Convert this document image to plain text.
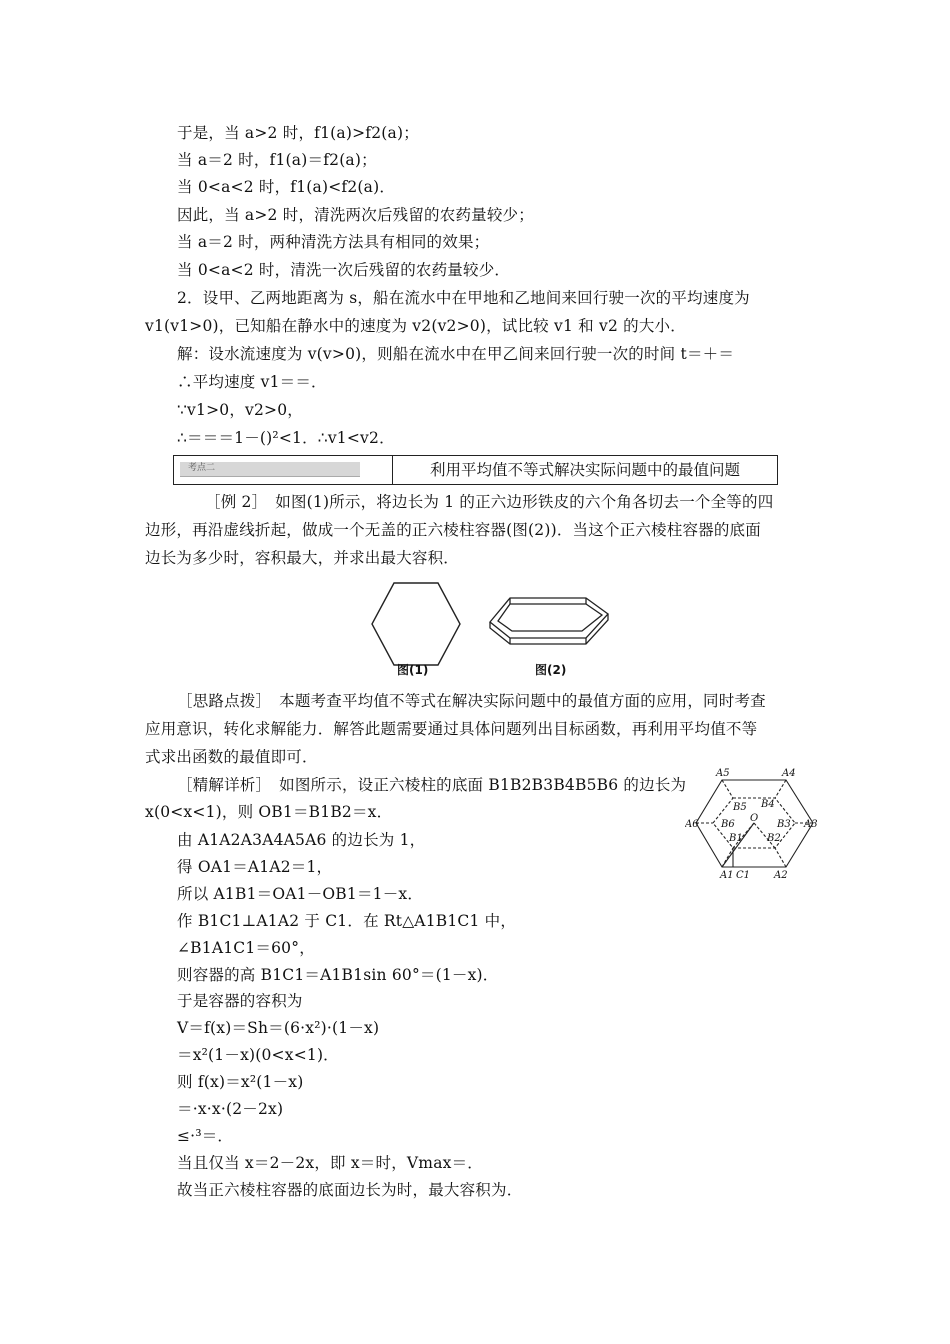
于是，当 a>2 时，f1(a)>f2(a)；
当 a＝2 时，f1(a)＝f2(a)；
当 0<a<2 时，f1(a)<f2(a)．
因此，当 a>2 时，清洗两次后残留的农药量较少；
当 a＝2 时，两种清洗方法具有相同的效果；
当 0<a<2 时，清洗一次后残留的农药量较少．
2．设甲、乙两地距离为 s，船在流水中在甲地和乙地间来回行驶一次的平均速度为
v1(v1>0)，已知船在静水中的速度为 v2(v2>0)，试比较 v1 和 v2 的大小．
解：设水流速度为 v(v>0)，则船在流水中在甲乙间来回行驶一次的时间 t＝＋＝
∴平均速度 v1＝＝．
∵v1>0，v2>0，
∴＝＝＝1－()²<1．∴v1<v2．
考点二	利用平均值不等式解决实际问题中的最值问题
［例 2］　如图(1)所示，将边长为 1 的正六边形铁皮的六个角各切去一个全等的四
边形，再沿虚线折起，做成一个无盖的正六棱柱容器(图(2))．当这个正六棱柱容器的底面
边长为多少时，容积最大，并求出最大容积．
图(1)	图(2)
［思路点拨］　本题考查平均值不等式在解决实际问题中的最值方面的应用，同时考查
应用意识，转化求解能力．解答此题需要通过具体问题列出目标函数，再利用平均值不等
式求出函数的最值即可．
［精解详析］　如图所示，设正六棱柱的底面 B1B2B3B4B5B6 的边长为
x(0<x<1)，则 OB1＝B1B2＝x．
由 A1A2A3A4A5A6 的边长为 1，
得 OA1＝A1A2＝1，
所以 A1B1＝OA1－OB1＝1－x．
作 B1C1⊥A1A2 于 C1．在 Rt△A1B1C1 中，
∠B1A1C1＝60°，
则容器的高 B1C1＝A1B1sin 60°＝(1－x)．
于是容器的容积为
V＝f(x)＝Sh＝(6·x²)·(1－x)
＝x²(1－x)(0<x<1)．
则 f(x)＝x²(1－x)
＝·x·x·(2－2x)
≤·³＝．
当且仅当 x＝2－2x，即 x＝时，Vmax＝．
故当正六棱柱容器的底面边长为时，最大容积为．
A5	A4
A6	A3
A1	A2
C1
B5 B4
B6	B3
B1 B2
O
